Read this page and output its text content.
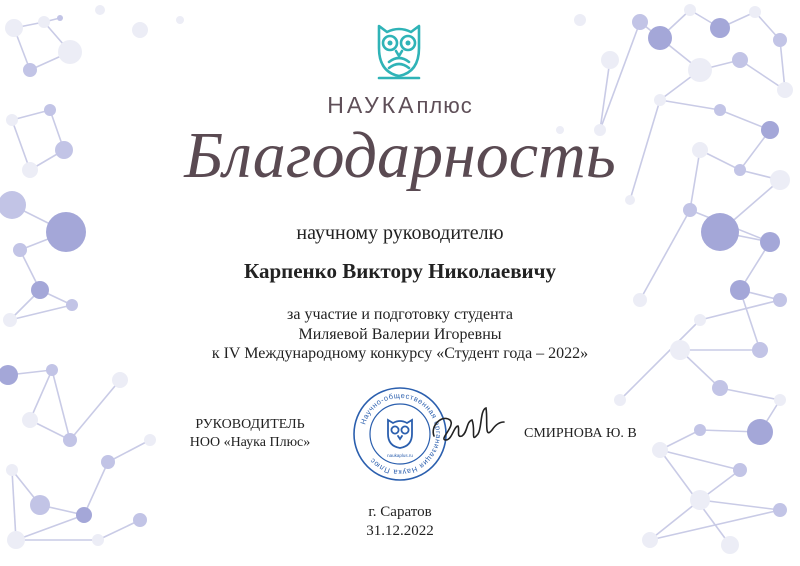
НАУКАплюс
Благодарность
научному руководителю
Карпенко Виктору Николаевичу
за участие и подготовку студента
Миляевой Валерии Игоревны
к IV Международному конкурсу «Студент года – 2022»
РУКОВОДИТЕЛЬ
НОО «Наука Плюс»
Научно-общественная организация Наука Плюс
naukaplus.ru
СМИРНОВА Ю. В
г. Саратов
31.12.2022
